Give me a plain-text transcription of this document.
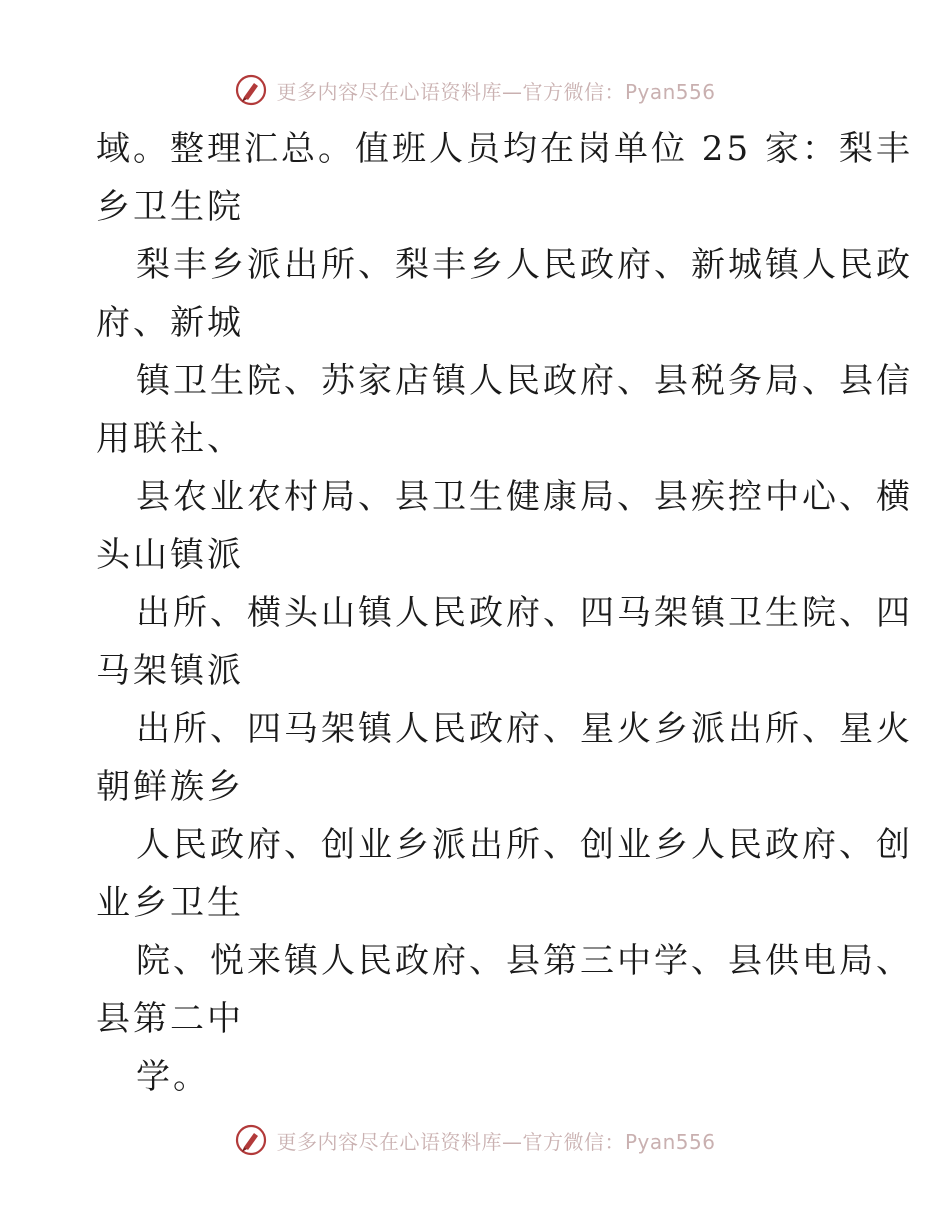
更多内容尽在心语资料库—官方微信：Pyan556
域。整理汇总。值班人员均在岗单位 25 家：梨丰
乡卫生院
梨丰乡派出所、梨丰乡人民政府、新城镇人民政
府、新城
镇卫生院、苏家店镇人民政府、县税务局、县信
用联社、
县农业农村局、县卫生健康局、县疾控中心、横
头山镇派
出所、横头山镇人民政府、四马架镇卫生院、四
马架镇派
出所、四马架镇人民政府、星火乡派出所、星火
朝鲜族乡
人民政府、创业乡派出所、创业乡人民政府、创
业乡卫生
院、悦来镇人民政府、县第三中学、县供电局、
县第二中
学。
更多内容尽在心语资料库—官方微信：Pyan556
